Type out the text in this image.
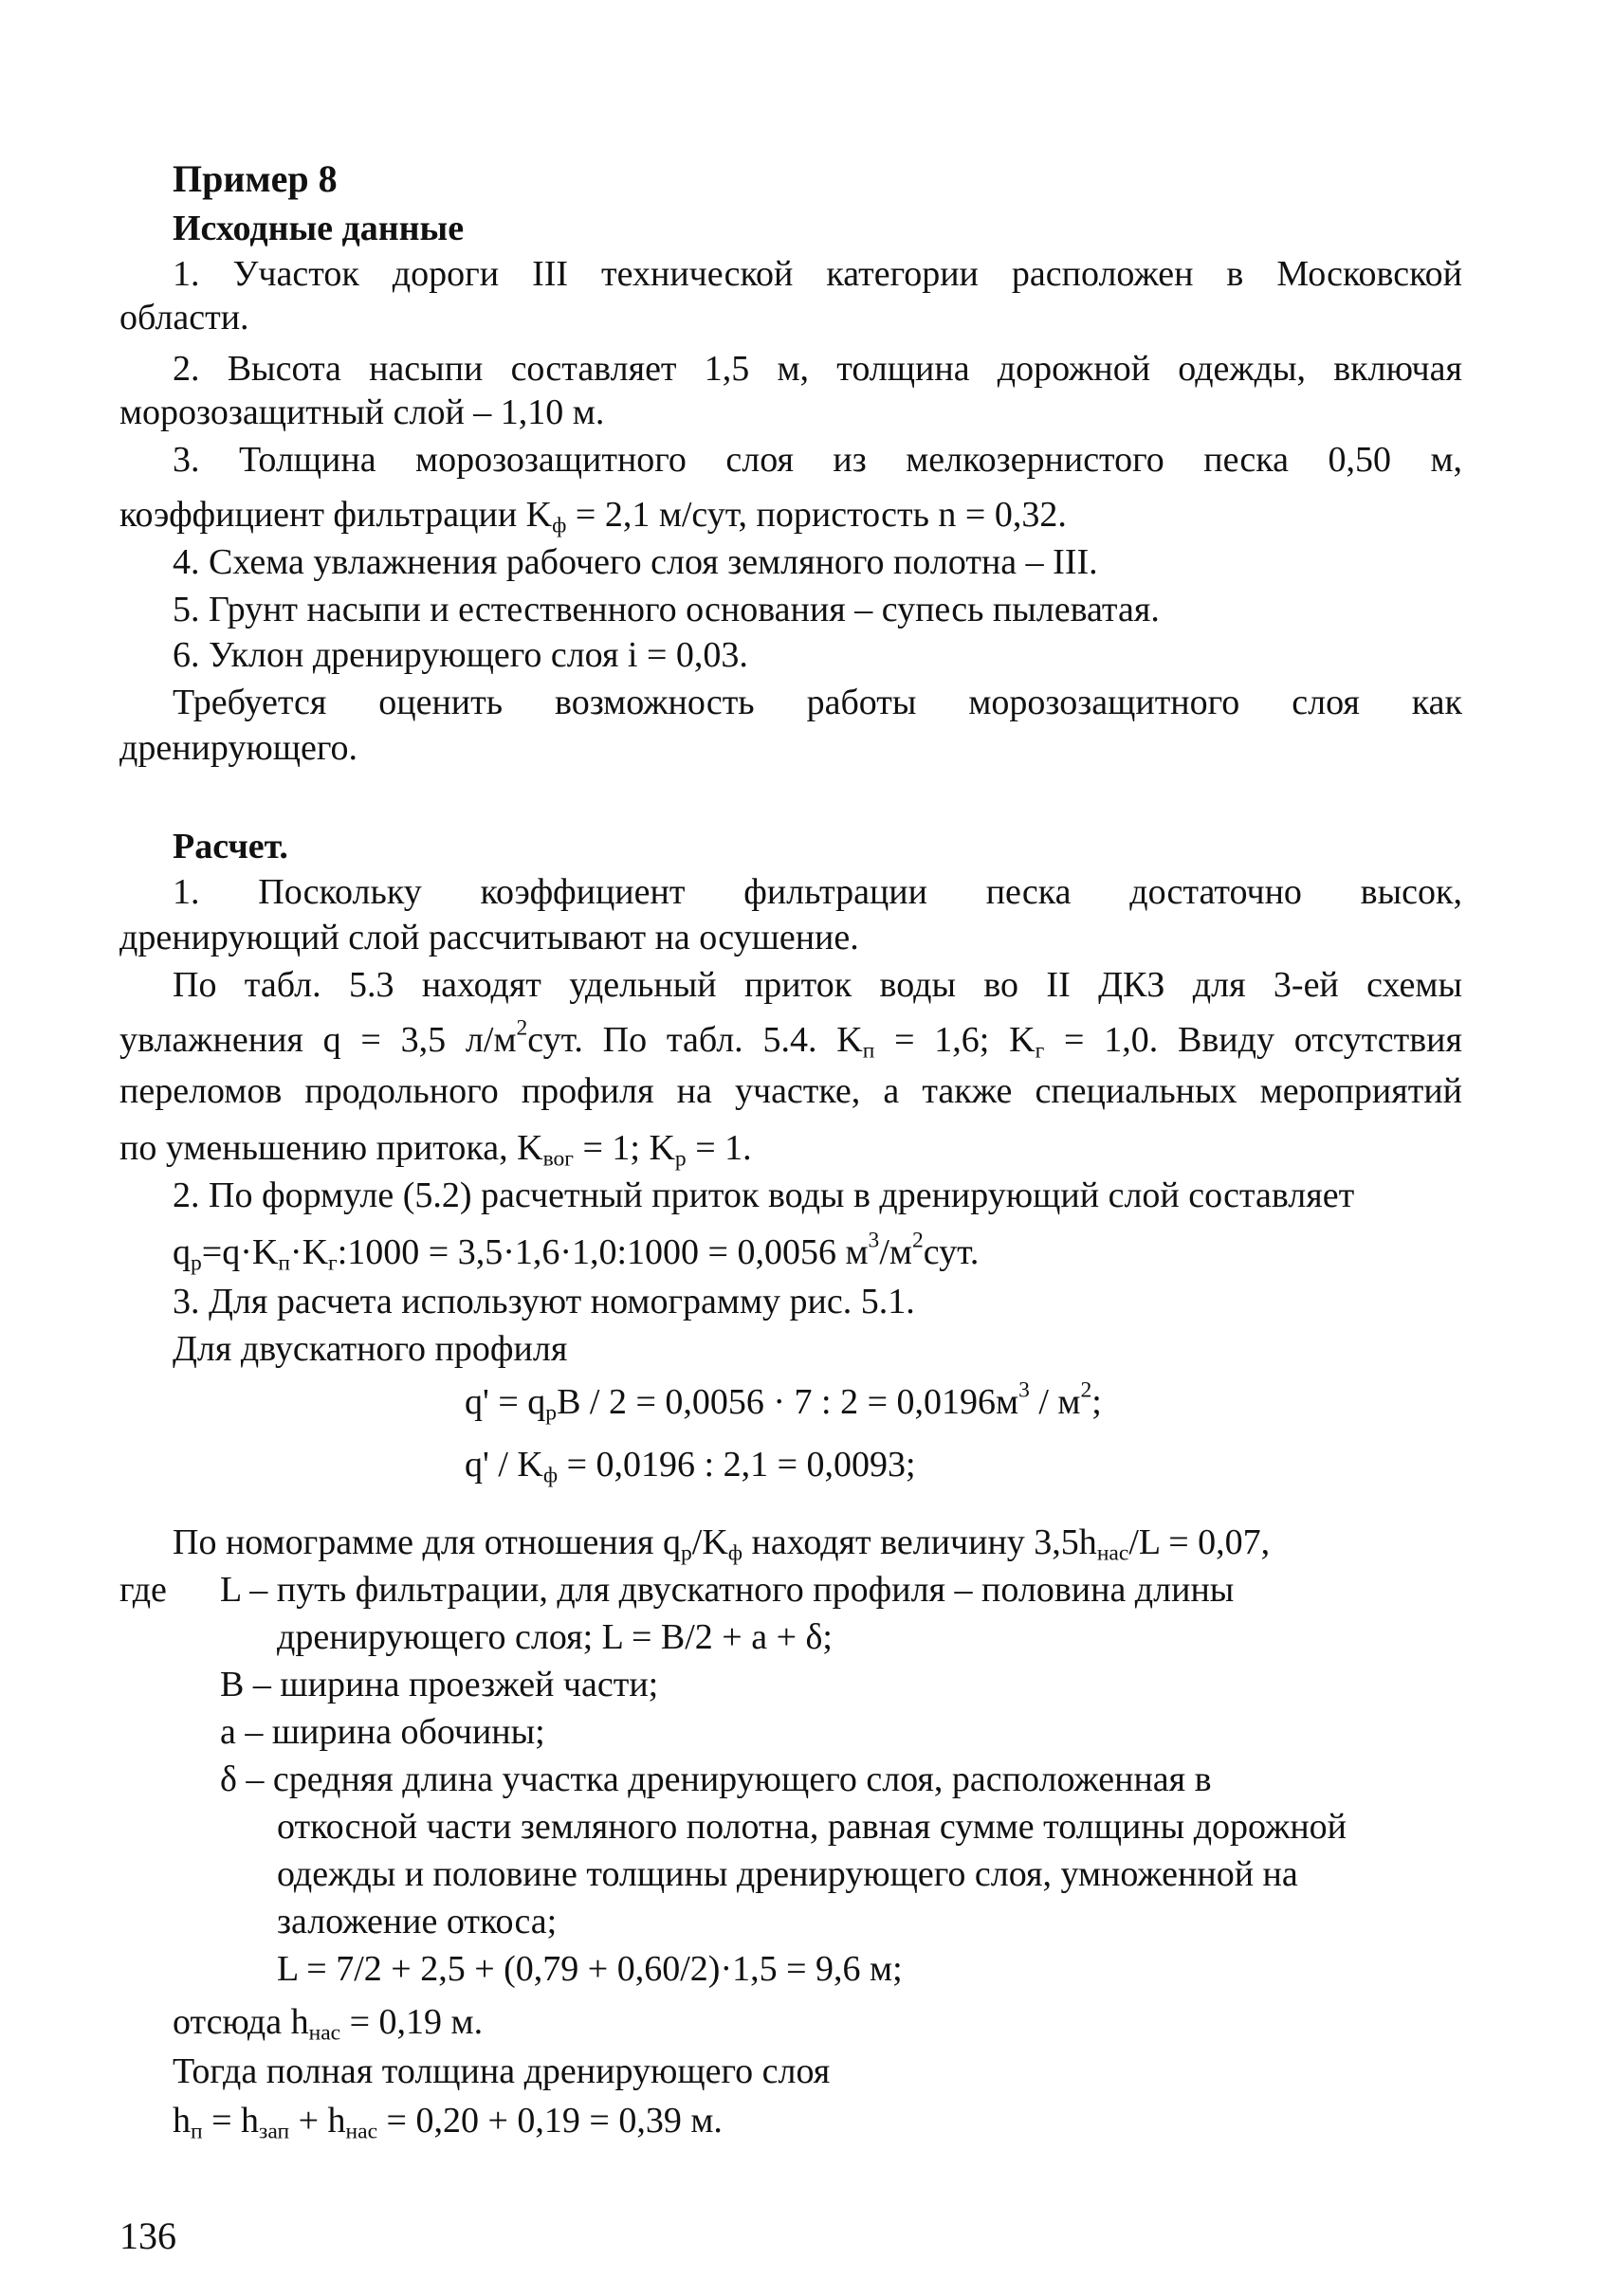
Пример 8
Исходные данные
1. Участок дороги III технической категории расположен в Московской
области.
2. Высота насыпи составляет 1,5 м, толщина дорожной одежды, включая
морозозащитный слой – 1,10 м.
3. Толщина морозозащитного слоя из мелкозернистого песка 0,50 м,
коэффициент фильтрации $K_ф = 2,1$ м/сут, пористость n = 0,32.
4. Схема увлажнения рабочего слоя земляного полотна – III.
5. Грунт насыпи и естественного основания – супесь пылеватая.
6. Уклон дренирующего слоя i = 0,03.
Требуется оценить возможность работы морозозащитного слоя как
дренирующего.
Расчет.
1. Поскольку коэффициент фильтрации песка достаточно высок,
дренирующий слой рассчитывают на осушение.
По табл. 5.3 находят удельный приток воды во II ДКЗ для 3-ей схемы
увлажнения q = 3,5 $л/м^2сут$. По табл. 5.4. $K_п = 1,6$; $K_г = 1,0$. Ввиду отсутствия
переломов продольного профиля на участке, а также специальных мероприятий
по уменьшению притока, $K_{вог} = 1$; $K_р = 1$.
2. По формуле (5.2) расчетный приток воды в дренирующий слой составляет
$q_р=q\cdot K_п\cdot K_г:1000$ = 3,5·1,6·1,0:1000 = 0,0056 $м^3/м^2сут$.
3. Для расчета используют номограмму рис. 5.1.
Для двускатного профиля
$q' = q_рB / 2 = 0,0056 \cdot 7$ : $2 = 0,0196м^3 / м^2$;
$q' / K_ф = 0,0196$ : 2,1 = 0,0093;
По номограмме для отношения $q_р/K_ф$ находят величину $3,5h_{нас}/L = 0,07$,
где L – путь фильтрации, для двускатного профиля – половина длины
дренирующего слоя; L = B/2 + a + δ;
B – ширина проезжей части;
a – ширина обочины;
δ – средняя длина участка дренирующего слоя, расположенная в
откосной части земляного полотна, равная сумме толщины дорожной
одежды и половине толщины дренирующего слоя, умноженной на
заложение откоса;
L = 7/2 + 2,5 + (0,79 + 0,60/2)·1,5 = 9,6 м;
отсюда $h_{нас} = 0,19$ м.
Тогда полная толщина дренирующего слоя
$h_п = h_{зап} + h_{нас} = 0,20 + 0,19 = 0,39$ м.
136
